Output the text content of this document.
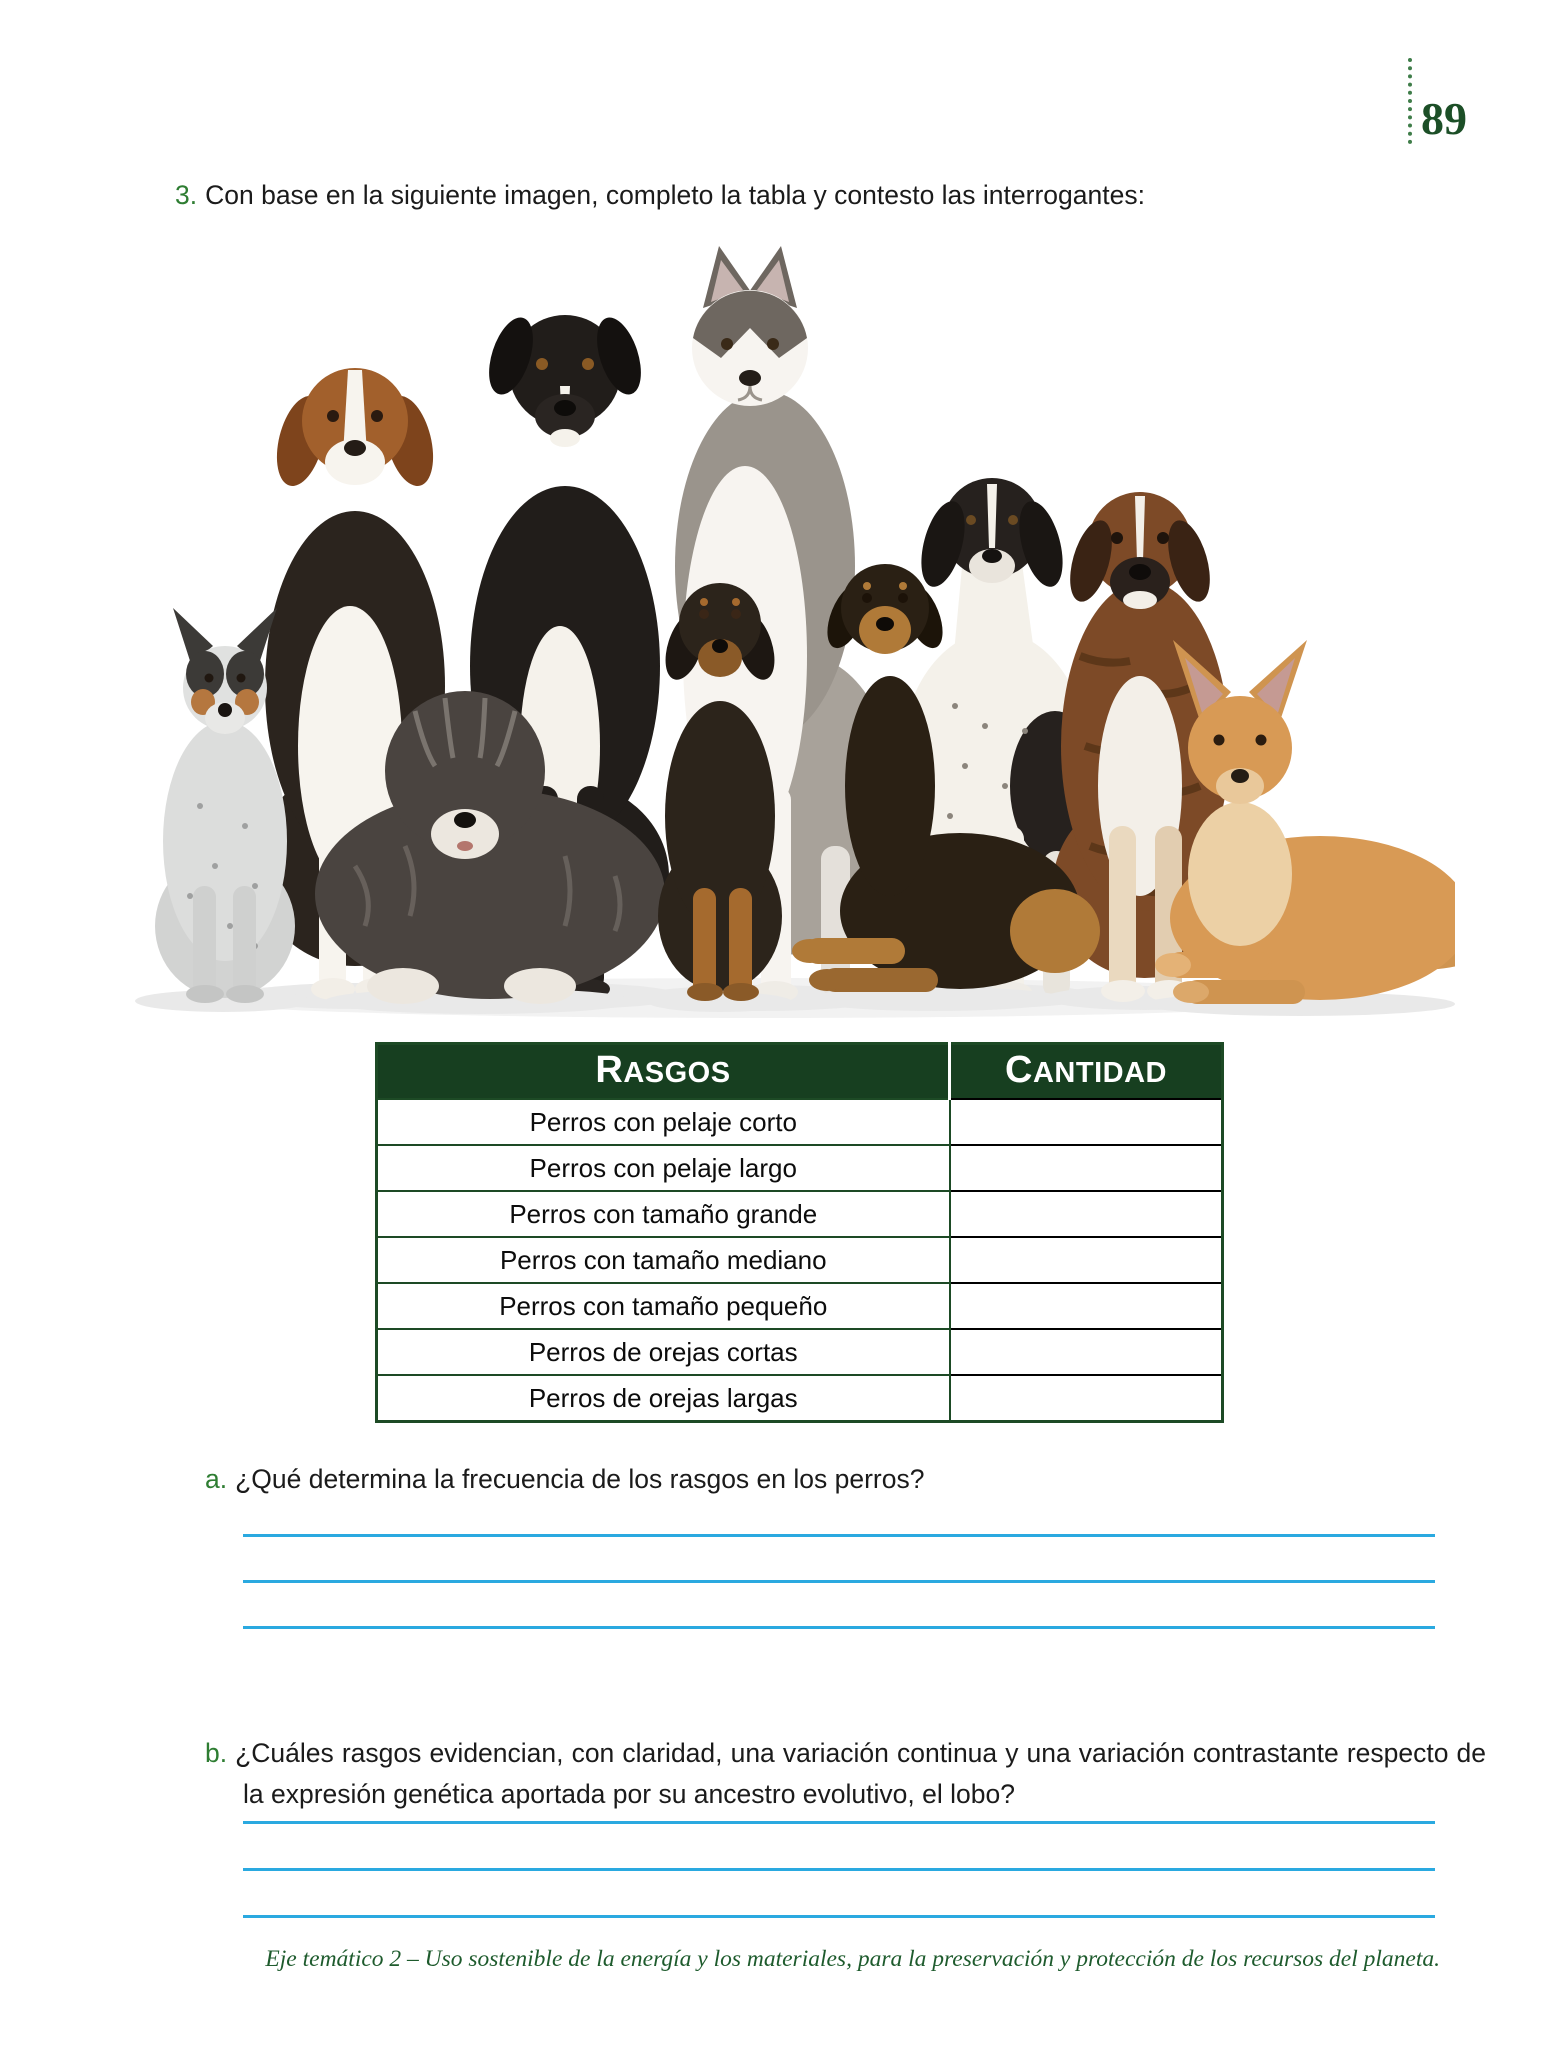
89
3. Con base en la siguiente imagen, completo la tabla y contesto las interrogantes:
RASGOS	CANTIDAD

Perros con pelaje corto	
Perros con pelaje largo	
Perros con tamaño grande	
Perros con tamaño mediano	
Perros con tamaño pequeño	
Perros de orejas cortas	
Perros de orejas largas	
a. ¿Qué determina la frecuencia de los rasgos en los perros?
b. ¿Cuáles rasgos evidencian, con claridad, una variación continua y una variación contrastante respecto de la expresión genética aportada por su ancestro evolutivo, el lobo?
Eje temático 2 – Uso sostenible de la energía y los materiales, para la preservación y protección de los recursos del planeta.
